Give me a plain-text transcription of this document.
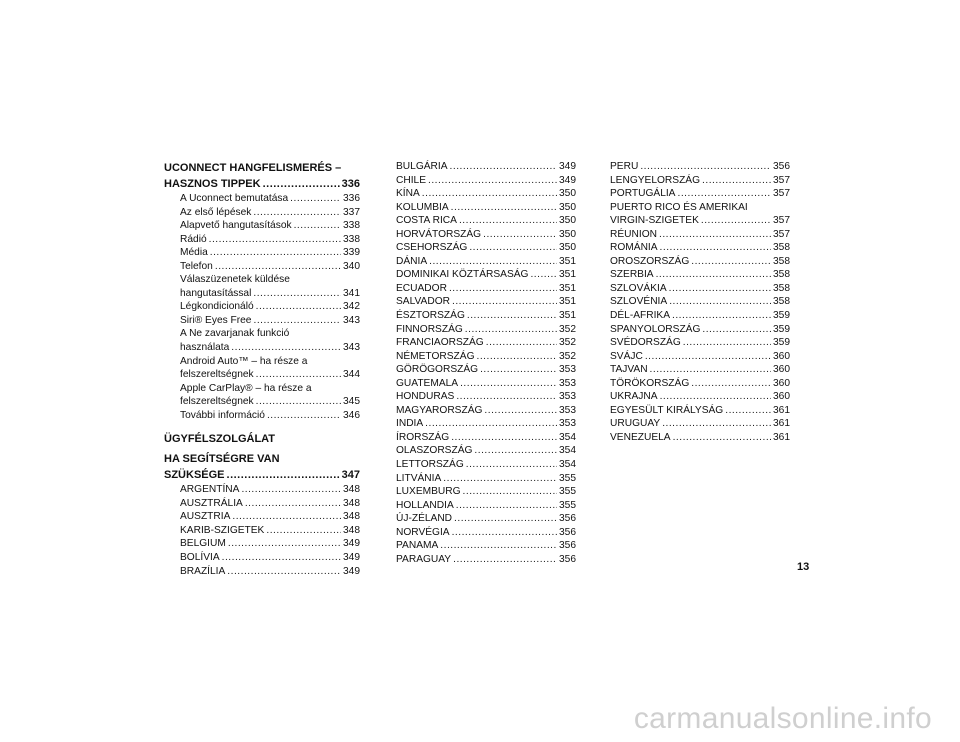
UCONNECT HANGFELISMERÉS –
HASZNOS TIPPEK .....	336
A Uconnect bemutatása .....	336
Az első lépések .....	337
Alapvető hangutasítások .....	338
Rádió .....	338
Média .....	339
Telefon .....	340
Válaszüzenetek küldése
hangutasítással .....	341
Légkondicionáló .....	342
Siri® Eyes Free .....	343
A Ne zavarjanak funkció
használata .....	343
Android Auto™ – ha része a
felszereltségnek .....	344
Apple CarPlay® – ha része a
felszereltségnek .....	345
További információ .....	346
ÜGYFÉLSZOLGÁLAT
HA SEGÍTSÉGRE VAN
SZÜKSÉGE .....	347
ARGENTÍNA .....	348
AUSZTRÁLIA .....	348
AUSZTRIA .....	348
KARIB-SZIGETEK .....	348
BELGIUM .....	349
BOLÍVIA .....	349
BRAZÍLIA .....	349
BULGÁRIA .....	349
CHILE .....	349
KÍNA .....	350
KOLUMBIA .....	350
COSTA RICA .....	350
HORVÁTORSZÁG .....	350
CSEHORSZÁG .....	350
DÁNIA .....	351
DOMINIKAI KÖZTÁRSASÁG .....	351
ECUADOR .....	351
SALVADOR .....	351
ÉSZTORSZÁG .....	351
FINNORSZÁG .....	352
FRANCIAORSZÁG .....	352
NÉMETORSZÁG .....	352
GÖRÖGORSZÁG .....	353
GUATEMALA .....	353
HONDURAS .....	353
MAGYARORSZÁG .....	353
INDIA .....	353
ÍRORSZÁG .....	354
OLASZORSZÁG .....	354
LETTORSZÁG .....	354
LITVÁNIA .....	355
LUXEMBURG .....	355
HOLLANDIA .....	355
ÚJ-ZÉLAND .....	356
NORVÉGIA .....	356
PANAMA .....	356
PARAGUAY .....	356
PERU .....	356
LENGYELORSZÁG .....	357
PORTUGÁLIA .....	357
PUERTO RICO ÉS AMERIKAI
VIRGIN-SZIGETEK .....	357
RÉUNION .....	357
ROMÁNIA .....	358
OROSZORSZÁG .....	358
SZERBIA .....	358
SZLOVÁKIA .....	358
SZLOVÉNIA .....	358
DÉL-AFRIKA .....	359
SPANYOLORSZÁG .....	359
SVÉDORSZÁG .....	359
SVÁJC .....	360
TAJVAN .....	360
TÖRÖKORSZÁG .....	360
UKRAJNA .....	360
EGYESÜLT KIRÁLYSÁG .....	361
URUGUAY .....	361
VENEZUELA .....	361
13
carmanualsonline.info
